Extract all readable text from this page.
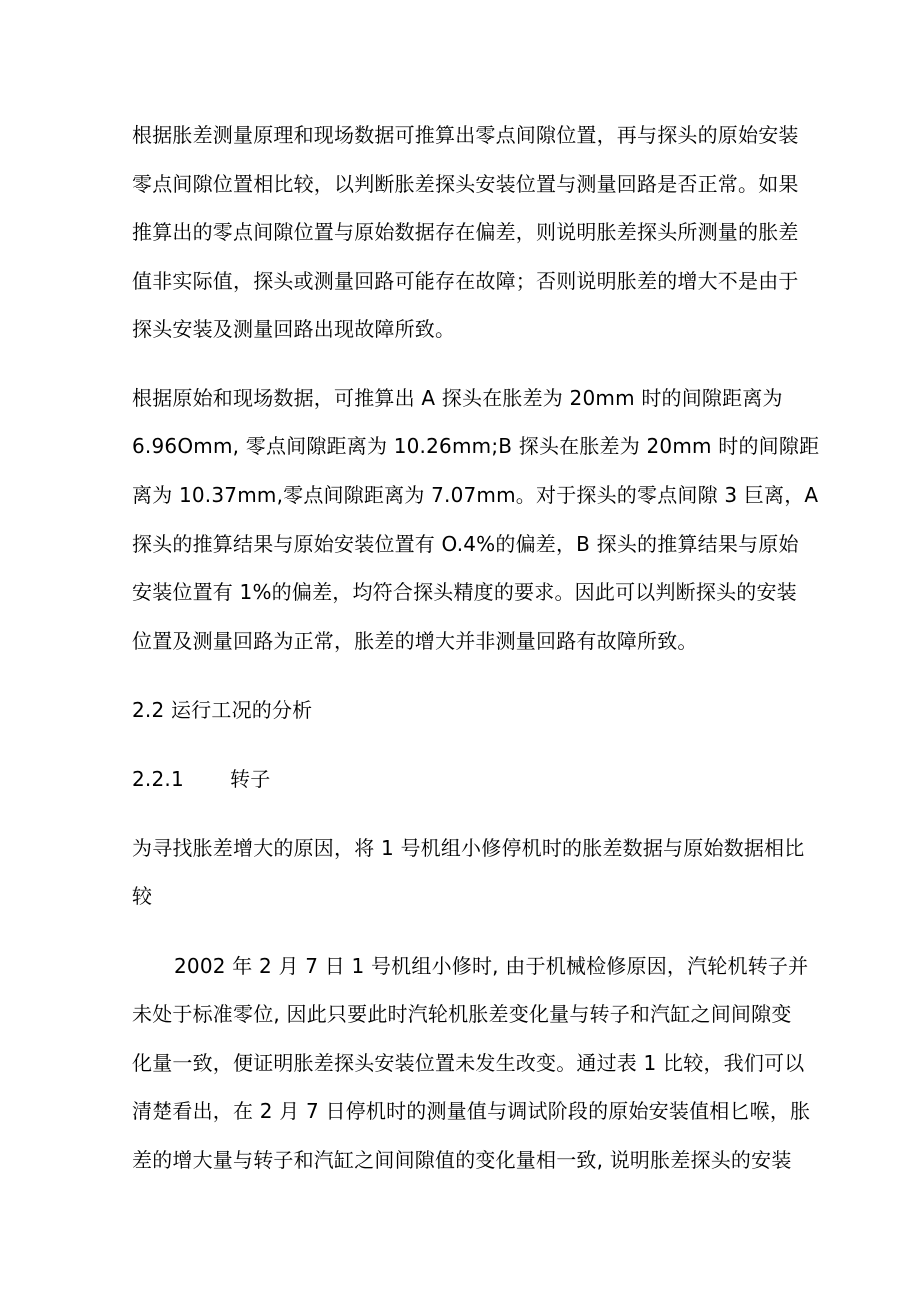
根据胀差测量原理和现场数据可推算出零点间隙位置，再与探头的原始安装
零点间隙位置相比较，以判断胀差探头安装位置与测量回路是否正常。如果
推算出的零点间隙位置与原始数据存在偏差，则说明胀差探头所测量的胀差
值非实际值，探头或测量回路可能存在故障；否则说明胀差的增大不是由于
探头安装及测量回路出现故障所致。
根据原始和现场数据，可推算出 A 探头在胀差为 20mm 时的间隙距离为
6.96Omm, 零点间隙距离为 10.26mm;B 探头在胀差为 20mm 时的间隙距
离为 10.37mm,零点间隙距离为 7.07mm。对于探头的零点间隙 3 巨离，A
探头的推算结果与原始安装位置有 O.4%的偏差，B 探头的推算结果与原始
安装位置有 1%的偏差，均符合探头精度的要求。因此可以判断探头的安装
位置及测量回路为正常，胀差的增大并非测量回路有故障所致。
2.2 运行工况的分析
2.2.1 转子
为寻找胀差增大的原因，将 1 号机组小修停机时的胀差数据与原始数据相比
较
2002 年 2 月 7 日 1 号机组小修时, 由于机械检修原因，汽轮机转子并
未处于标准零位, 因此只要此时汽轮机胀差变化量与转子和汽缸之间间隙变
化量一致，便证明胀差探头安装位置未发生改变。通过表 1 比较，我们可以
清楚看出，在 2 月 7 日停机时的测量值与调试阶段的原始安装值相匕喉，胀
差的增大量与转子和汽缸之间间隙值的变化量相一致, 说明胀差探头的安装
